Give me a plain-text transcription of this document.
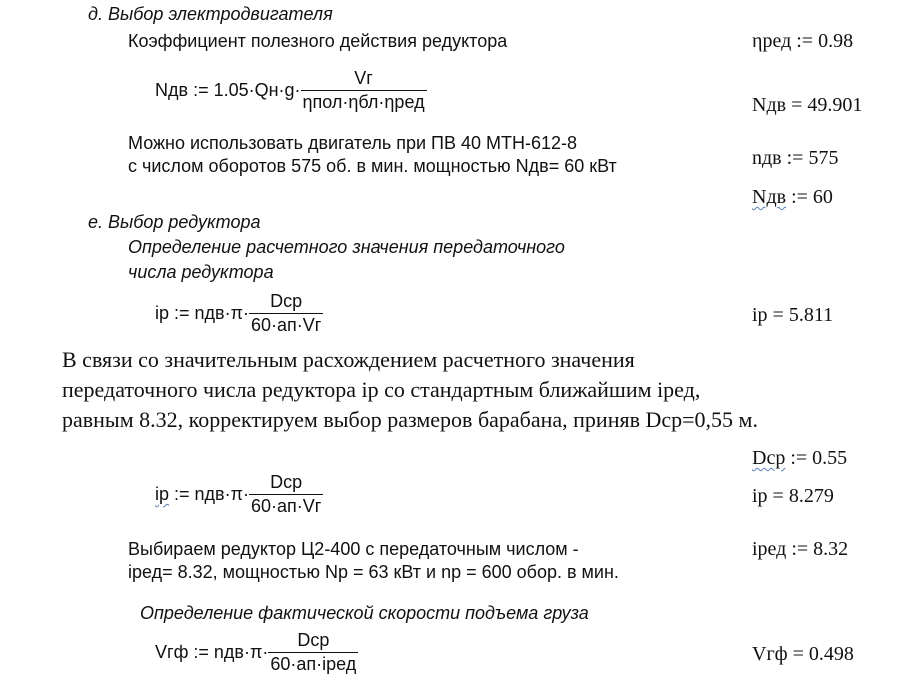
д. Выбор электродвигателя
Коэффициент полезного действия редуктора	ηред := 0.98
Nдв := $1.05\cdot Qн\cdot g\cdot \frac{Vг}{\text{ηпол·ηбл·ηред}}$	Nдв = 49.901
Можно использовать двигатель при ПВ 40 МТН-612-8
с числом оборотов 575 об. в мин. мощностью Nдв= 60 кВт	nдв := 575
Nдв := 60
е. Выбор редуктора
Определение расчетного значения передаточного
числа редуктора
iр := $nдв\cdot\pi\cdot \frac{\text{Dср}}{60\cdot aп\cdot Vг}$	iр = 5.811
В связи со значительным расхождением расчетного значения
передаточного числа редуктора iр со стандартным ближайшим iред,
равным 8.32, корректируем выбор размеров барабана, приняв Dср=0,55 м.
Dср := 0.55
iр := $nдв\cdot\pi\cdot \frac{\text{Dср}}{60\cdot aп\cdot Vг}$	iр = 8.279
Выбираем редуктор Ц2-400 с передаточным числом -
iред= 8.32, мощностью Nр = 63 кВт и nр = 600 обор. в мин.
iред := 8.32
Определение фактической скорости подъема груза
Vгф := $nдв\cdot\pi\cdot \frac{\text{Dср}}{\text{60·aп·iред}}$	Vгф = 0.498
